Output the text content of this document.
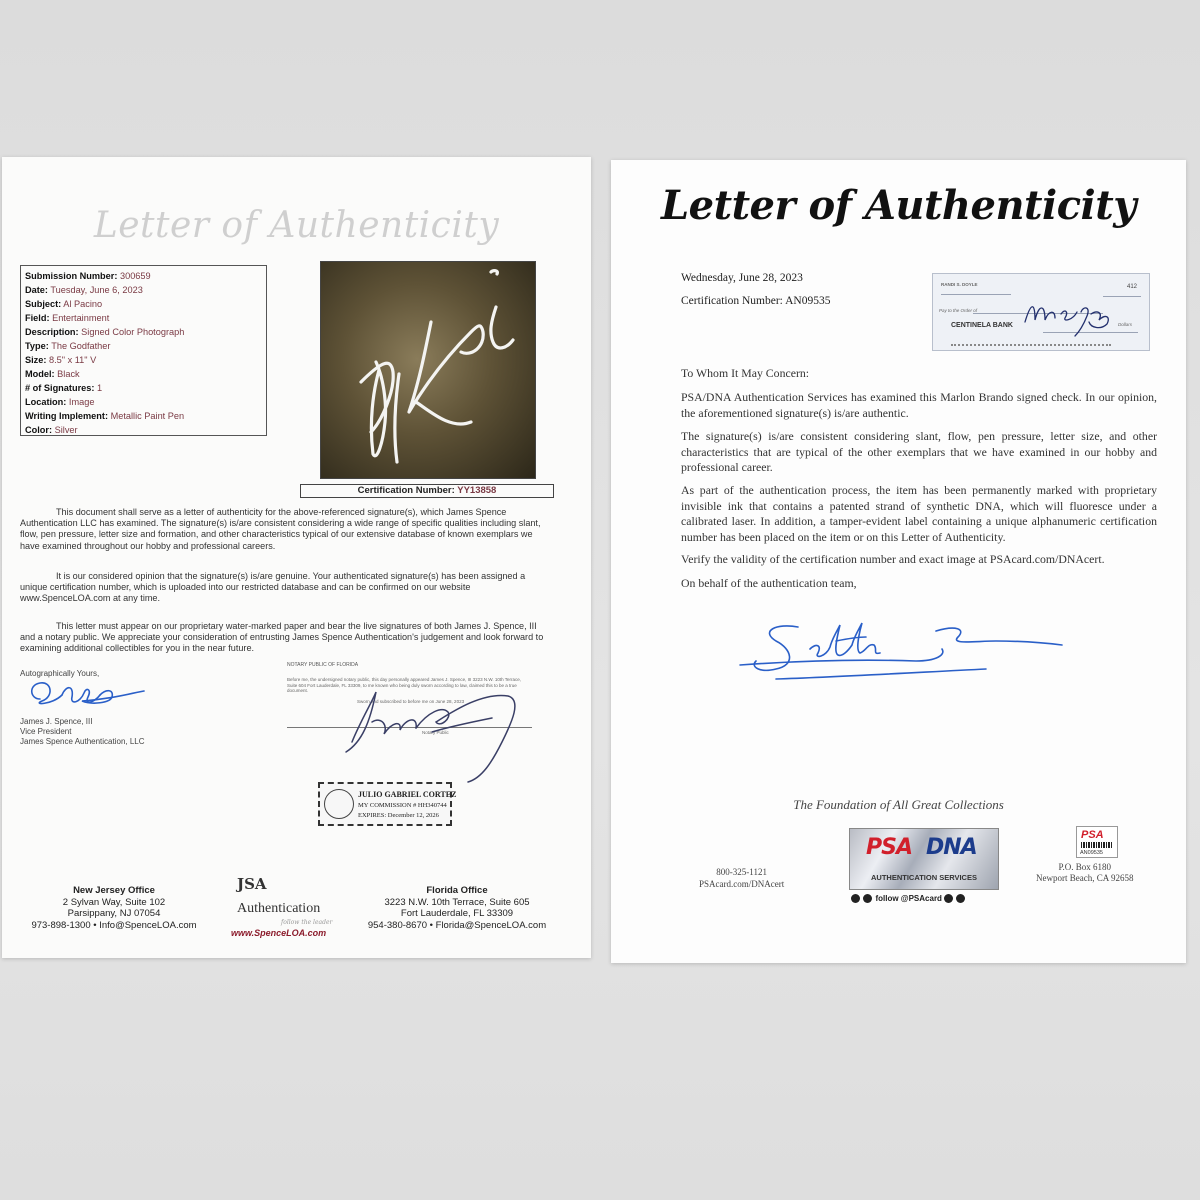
Letter of Authenticity
Submission Number: 300659
Date: Tuesday, June 6, 2023
Subject: Al Pacino
Field: Entertainment
Description: Signed Color Photograph
Type: The Godfather
Size: 8.5" x 11" V
Model: Black
# of Signatures: 1
Location: Image
Writing Implement: Metallic Paint Pen
Color: Silver
Certification Number: YY13858

This document shall serve as a letter of authenticity for the above-referenced signature(s), which James Spence Authentication LLC has examined. The signature(s) is/are consistent considering a wide range of specific qualities including slant, flow, pen pressure, letter size and formation, and other characteristics typical of our extensive database of known exemplars we have examined throughout our hobby and professional careers.

It is our considered opinion that the signature(s) is/are genuine. Your authenticated signature(s) has been assigned a unique certification number, which is uploaded into our restricted database and can be confirmed on our website www.SpenceLOA.com at any time.

This letter must appear on our proprietary water-marked paper and bear the live signatures of both James J. Spence, III and a notary public. We appreciate your consideration of entrusting James Spence Authentication's judgement and look forward to examining additional collectibles for you in the near future.

Autographically Yours,
James J. Spence, III
Vice President
James Spence Authentication, LLC
NOTARY PUBLIC OF FLORIDA
Before me, the undersigned notary public, this day personally appeared James J. Spence, III 3223 N.W. 10th Terrace, Suite 604 Fort Lauderdale, FL 33309, to me known who being duly sworn according to law, claimed this to be a true document.

Sworn and subscribed to before me on June 28, 2023
Notary Public
JULIO GABRIEL CORTEZ
MY COMMISSION # HH340744
EXPIRES: December 12, 2026
New Jersey Office
2 Sylvan Way, Suite 102
Parsippany, NJ 07054
973-898-1300 • Info@SpenceLOA.com
JSA
Authentication
follow the leader
www.SpenceLOA.com
Florida Office
3223 N.W. 10th Terrace, Suite 605
Fort Lauderdale, FL 33309
954-380-8670 • Florida@SpenceLOA.com
Letter of Authenticity
Wednesday, June 28, 2023
Certification Number: AN09535
RANDI S. DOYLE	412
Pay to the Order of
Dollars
CENTINELA BANK
To Whom It May Concern:

PSA/DNA Authentication Services has examined this Marlon Brando signed check. In our opinion, the aforementioned signature(s) is/are authentic.

The signature(s) is/are consistent considering slant, flow, pen pressure, letter size, and other characteristics that are typical of the other exemplars that we have examined in our hobby and professional career.

As part of the authentication process, the item has been permanently marked with proprietary invisible ink that contains a patented strand of synthetic DNA, which will fluoresce under a calibrated laser. In addition, a tamper-evident label containing a unique alphanumeric certification number has been placed on the item or on this Letter of Authenticity.

Verify the validity of the certification number and exact image at PSAcard.com/DNAcert.

On behalf of the authentication team,

The Foundation of All Great Collections
800-325-1121
PSAcard.com/DNAcert
PSA DNA
AUTHENTICATION SERVICES
follow @PSAcard
PSA
AN09535
P.O. Box 6180
Newport Beach, CA 92658
